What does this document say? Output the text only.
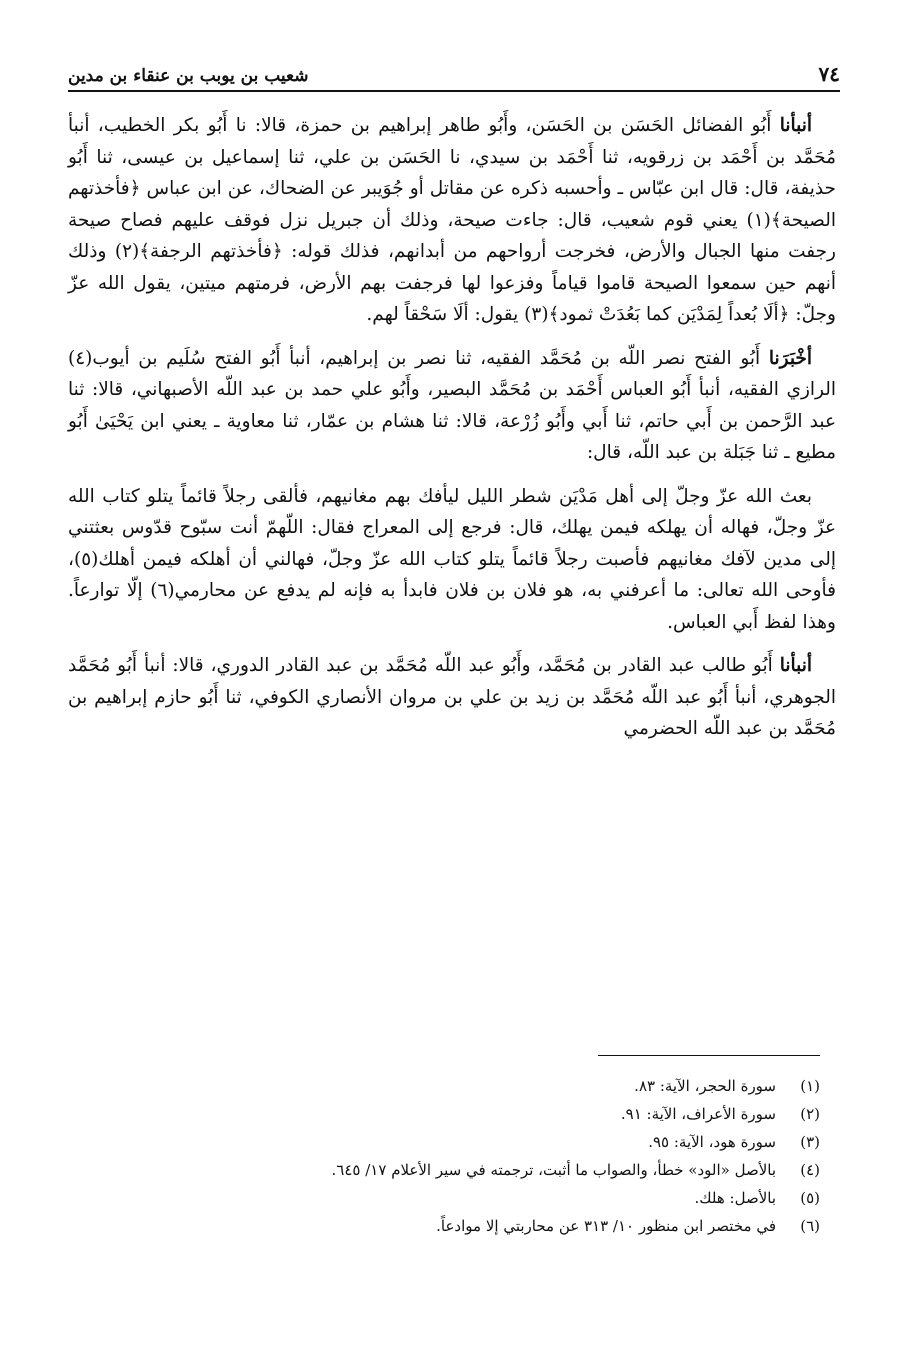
٧٤
شعيب بن يوبب بن عنقاء بن مدين

أنبأنا أَبُو الفضائل الحَسَن بن الحَسَن، وأَبُو طاهر إبراهيم بن حمزة، قالا: نا أَبُو بكر الخطيب، أنبأ مُحَمَّد بن أَحْمَد بن زرقويه، ثنا أَحْمَد بن سيدي، نا الحَسَن بن علي، ثنا إسماعيل بن عيسى، ثنا أَبُو حذيفة، قال: قال ابن عبّاس ـ وأحسبه ذكره عن مقاتل أو جُوَيبر عن الضحاك، عن ابن عباس ﴿فأخذتهم الصيحة﴾(١) يعني قوم شعيب، قال: جاءت صيحة، وذلك أن جبريل نزل فوقف عليهم فصاح صيحة رجفت منها الجبال والأرض، فخرجت أرواحهم من أبدانهم، فذلك قوله: ﴿فأخذتهم الرجفة﴾(٢) وذلك أنهم حين سمعوا الصيحة قاموا قياماً وفزعوا لها فرجفت بهم الأرض، فرمتهم ميتين، يقول الله عزّ وجلّ: ﴿ألَا بُعداً لِمَدْيَن كما بَعُدَتْ ثمود﴾(٣) يقول: ألَا سَحْقاً لهم.

أخْبَرَنا أَبُو الفتح نصر اللّه بن مُحَمَّد الفقيه، ثنا نصر بن إبراهيم، أنبأ أَبُو الفتح سُلَيم بن أيوب(٤) الرازي الفقيه، أنبأ أَبُو العباس أَحْمَد بن مُحَمَّد البصير، وأَبُو علي حمد بن عبد اللّه الأصبهاني، قالا: ثنا عبد الرَّحمن بن أَبي حاتم، ثنا أَبي وأَبُو زُرْعة، قالا: ثنا هشام بن عمّار، ثنا معاوية ـ يعني ابن يَحْيَىٰ أَبُو مطيع ـ ثنا جَبَلة بن عبد اللّه، قال:

بعث الله عزّ وجلّ إلى أهل مَدْيَن شطر الليل ليأفك بهم مغانيهم، فألقى رجلاً قائماً يتلو كتاب الله عزّ وجلّ، فهاله أن يهلكه فيمن يهلك، قال: فرجع إلى المعراج فقال: اللّهمّ أنت سبّوح قدّوس بعثتني إلى مدين لآفك مغانيهم فأصبت رجلاً قائماً يتلو كتاب الله عزّ وجلّ، فهالني أن أهلكه فيمن أهلك(٥)، فأوحى الله تعالى: ما أعرفني به، هو فلان بن فلان فابدأ به فإنه لم يدفع عن محارمي(٦) إلّا توارعاً. وهذا لفظ أَبي العباس.

أنبأنا أَبُو طالب عبد القادر بن مُحَمَّد، وأَبُو عبد اللّه مُحَمَّد بن عبد القادر الدوري، قالا: أنبأ أَبُو مُحَمَّد الجوهري، أنبأ أَبُو عبد اللّه مُحَمَّد بن زيد بن علي بن مروان الأنصاري الكوفي، ثنا أَبُو حازم إبراهيم بن مُحَمَّد بن عبد اللّه الحضرمي

(١)
سورة الحجر، الآية: ٨٣.
(٢)
سورة الأعراف، الآية: ٩١.
(٣)
سورة هود، الآية: ٩٥.
(٤)
بالأصل «الود» خطأ، والصواب ما أثبت، ترجمته في سير الأعلام ١٧/ ٦٤٥.
(٥)
بالأصل: هلك.
(٦)
في مختصر ابن منظور ١٠/ ٣١٣ عن محاربتي إلا موادعاً.
